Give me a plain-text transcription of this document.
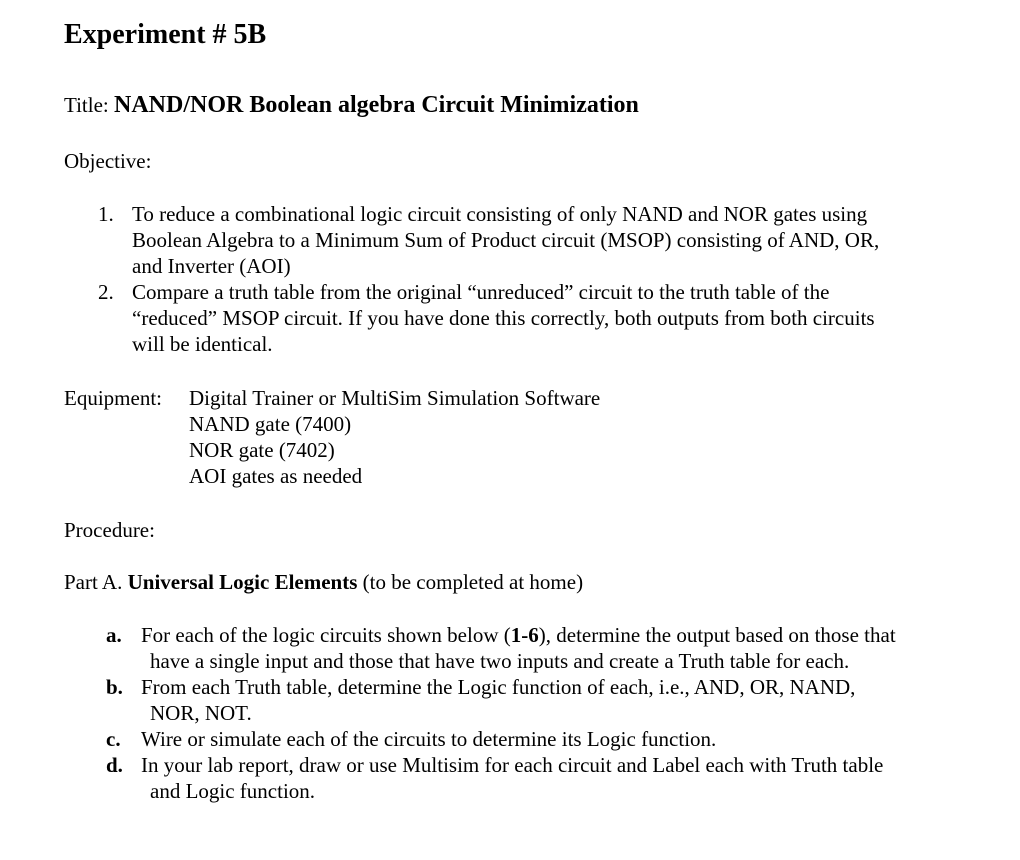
Experiment # 5B
Title: NAND/NOR Boolean algebra Circuit Minimization
Objective:
1. To reduce a combinational logic circuit consisting of only NAND and NOR gates using
Boolean Algebra to a Minimum Sum of Product circuit (MSOP) consisting of AND, OR,
and Inverter (AOI)
2. Compare a truth table from the original “unreduced” circuit to the truth table of the
“reduced” MSOP circuit. If you have done this correctly, both outputs from both circuits
will be identical.
Equipment: Digital Trainer or MultiSim Simulation Software
NAND gate (7400)
NOR gate (7402)
AOI gates as needed
Procedure:
Part A. Universal Logic Elements (to be completed at home)
a. For each of the logic circuits shown below (1-6), determine the output based on those that
have a single input and those that have two inputs and create a Truth table for each.
b. From each Truth table, determine the Logic function of each, i.e., AND, OR, NAND,
NOR, NOT.
c. Wire or simulate each of the circuits to determine its Logic function.
d. In your lab report, draw or use Multisim for each circuit and Label each with Truth table
and Logic function.
